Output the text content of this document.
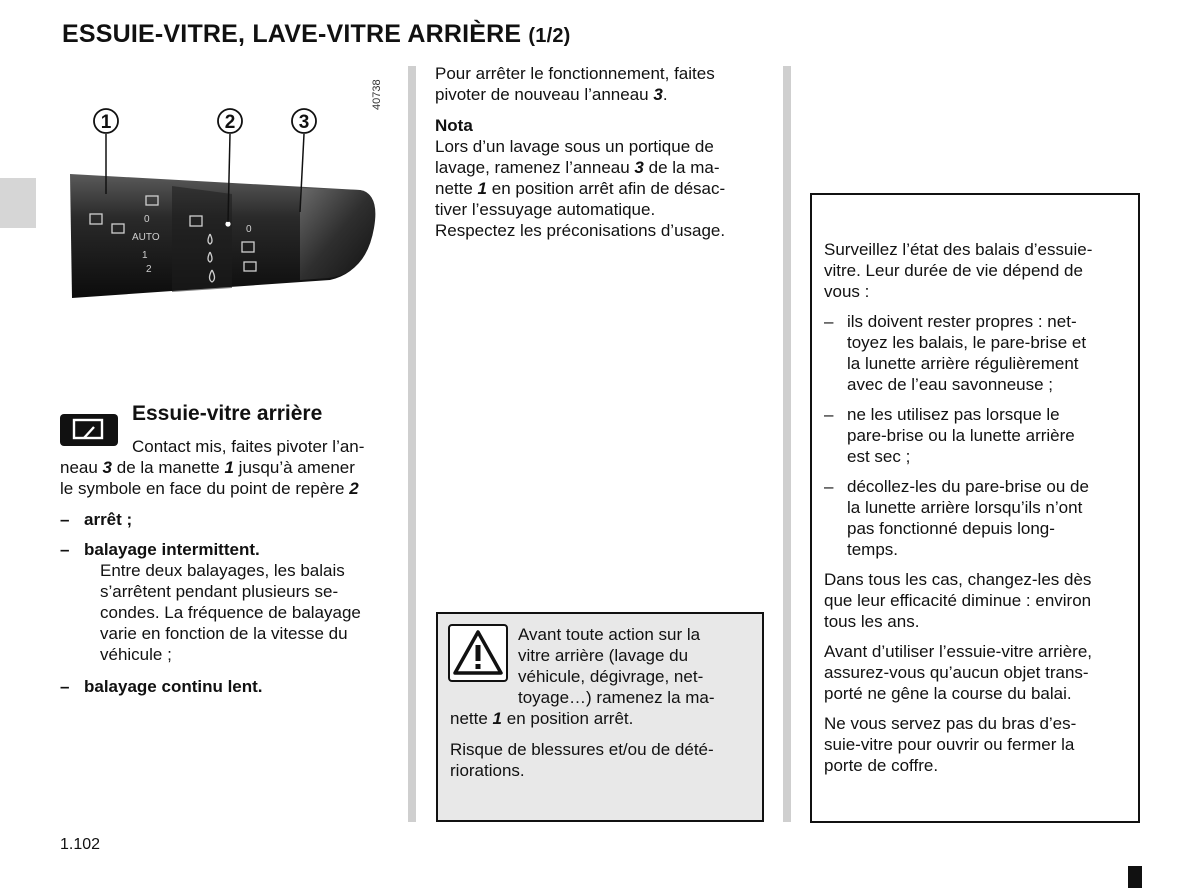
ESSUIE-VITRE, LAVE-VITRE ARRIÈRE (1/2)
AUTO
0
1
2
0
1	2	3
40738
Essuie-vitre arrière
Contact mis, faites pivoter l’an-
neau 3 de la manette 1 jusqu’à amener
le symbole en face du point de repère 2
– arrêt ;
– balayage intermittent.
Entre deux balayages, les balais
s’arrêtent pendant plusieurs se-
condes. La fréquence de balayage
varie en fonction de la vitesse du
véhicule ;
– balayage continu lent.
Pour arrêter le fonctionnement, faites
pivoter de nouveau l’anneau 3.
Nota
Lors d’un lavage sous un portique de
lavage, ramenez l’anneau 3 de la ma-
nette 1 en position arrêt afin de désac-
tiver l’essuyage automatique.
Respectez les préconisations d’usage.
Avant toute action sur la
vitre arrière (lavage du
véhicule, dégivrage, net-
toyage…) ramenez la ma-
nette 1 en position arrêt.
Risque de blessures et/ou de dété-
riorations.
Surveillez l’état des balais d’essuie-
vitre. Leur durée de vie dépend de
vous :
– ils doivent rester propres : net-
toyez les balais, le pare-brise et
la lunette arrière régulièrement
avec de l’eau savonneuse ;
– ne les utilisez pas lorsque le
pare-brise ou la lunette arrière
est sec ;
– décollez-les du pare-brise ou de
la lunette arrière lorsqu’ils n’ont
pas fonctionné depuis long-
temps.
Dans tous les cas, changez-les dès
que leur efficacité diminue : environ
tous les ans.
Avant d’utiliser l’essuie-vitre arrière,
assurez-vous qu’aucun objet trans-
porté ne gêne la course du balai.
Ne vous servez pas du bras d’es-
suie-vitre pour ouvrir ou fermer la
porte de coffre.
1.102
